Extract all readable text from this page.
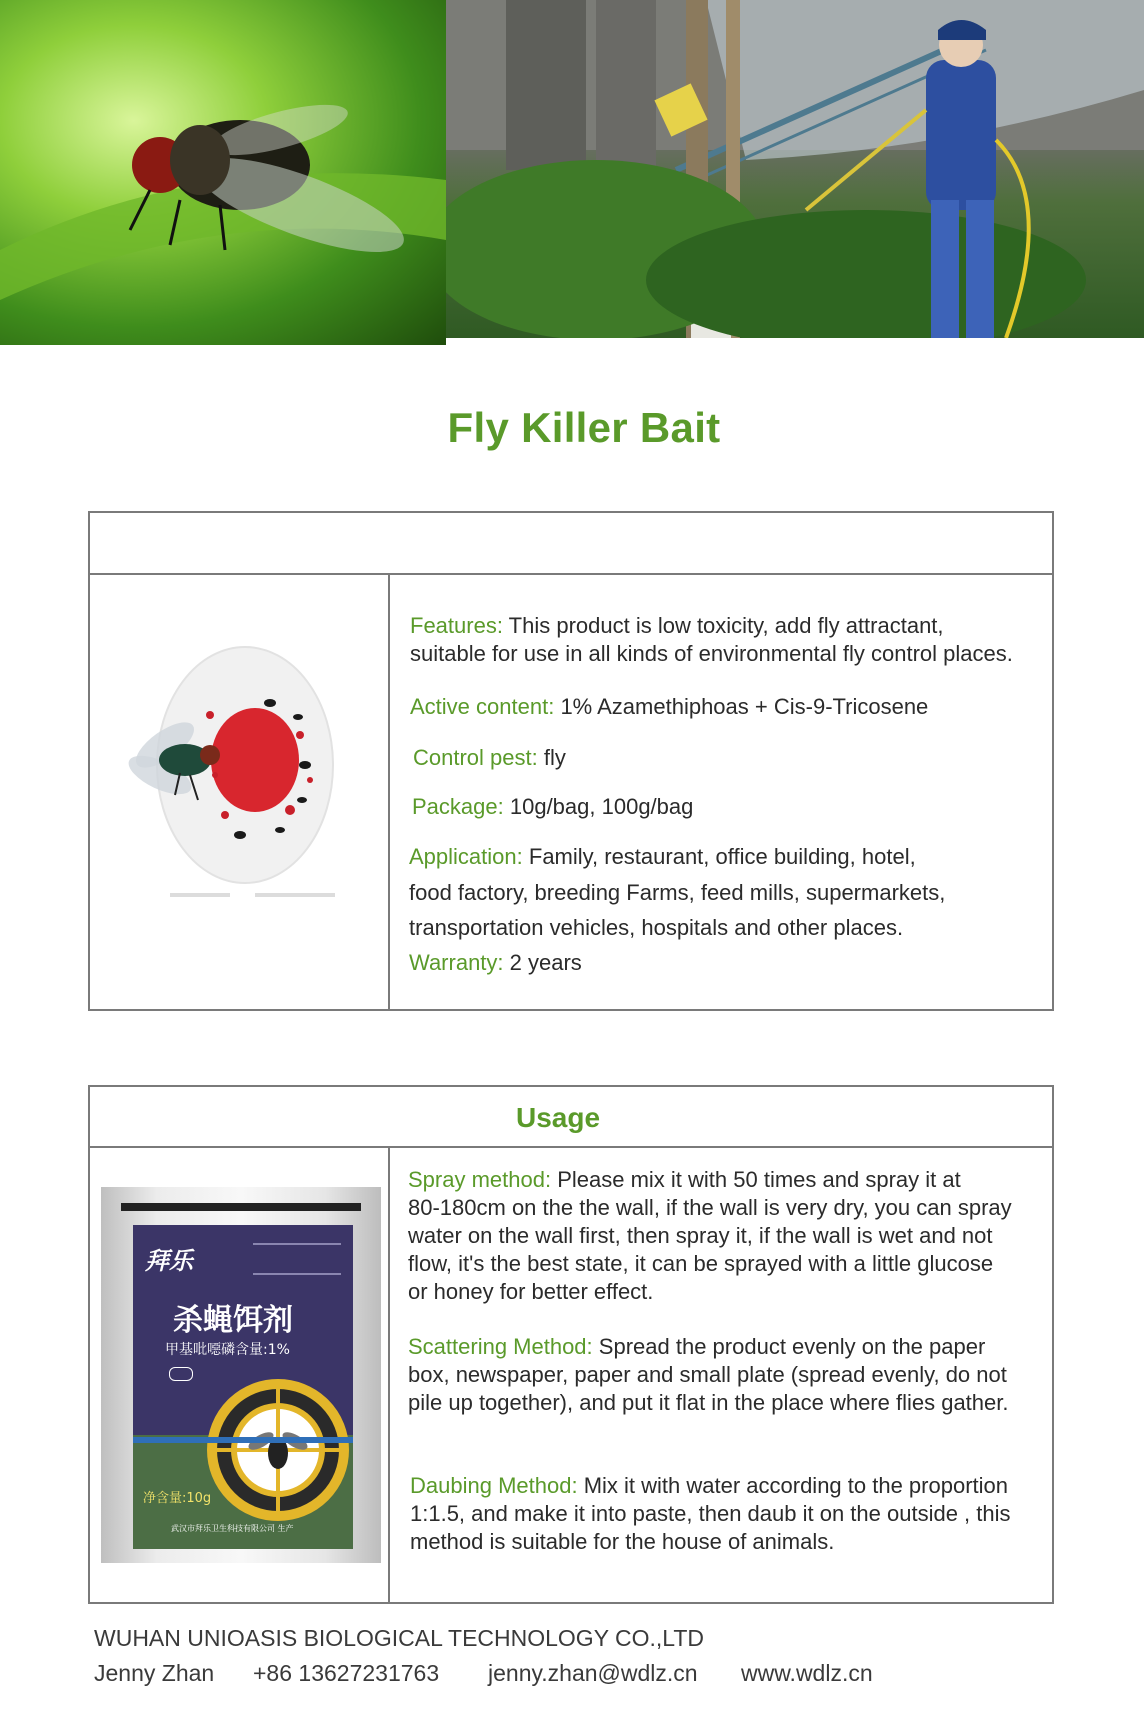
Fly Killer Bait
Features: This product is low toxicity, add fly attractant,
suitable for use in all kinds of environmental fly control places.
Active content: 1% Azamethiphoas + Cis-9-Tricosene
Control pest: fly
Package: 10g/bag, 100g/bag
Application: Family, restaurant, office building, hotel,
food factory, breeding Farms, feed mills, supermarkets,
transportation vehicles, hospitals and other places.
Warranty: 2 years
Usage
拜乐
杀蝇饵剂
甲基吡噁磷含量:1%
净含量:10g
武汉市拜乐卫生科技有限公司 生产
Spray method: Please mix it with 50 times and spray it at
80-180cm on the the wall, if the wall is very dry, you can spray
water on the wall first, then spray it, if the wall is wet and not
flow, it's the best state, it can be sprayed with a little glucose
or honey for better effect.
Scattering Method: Spread the product evenly on the paper
box, newspaper, paper and small plate (spread evenly, do not
pile up together), and put it flat in the place where flies gather.
Daubing Method: Mix it with water according to the proportion
1:1.5, and make it into paste, then daub it on the outside , this
method is suitable for the house of animals.
WUHAN UNIOASIS BIOLOGICAL TECHNOLOGY CO.,LTD
Jenny Zhan +86 13627231763 jenny.zhan@wdlz.cn www.wdlz.cn
